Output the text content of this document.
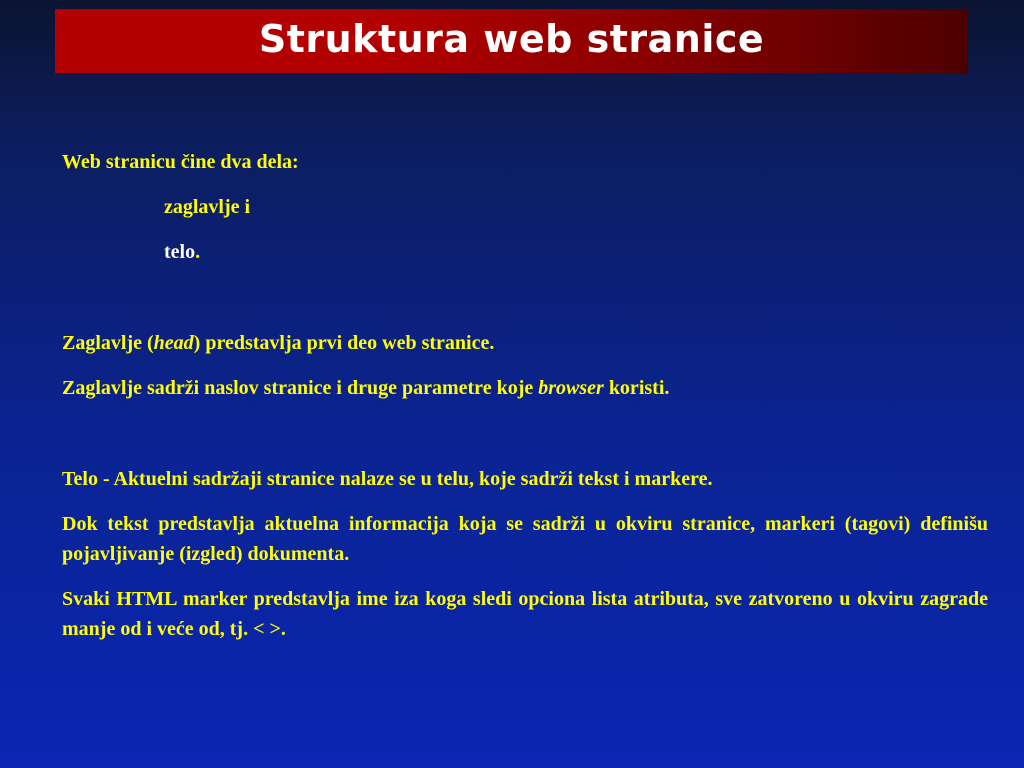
Struktura web stranice

Web stranicu čine dva dela:

zaglavlje i

telo.

Zaglavlje (head) predstavlja prvi deo web stranice.

Zaglavlje sadrži naslov stranice i druge parametre koje browser koristi.

Telo - Aktuelni sadržaji stranice nalaze se u telu, koje sadrži tekst i markere.

Dok tekst predstavlja aktuelna informacija koja se sadrži u okviru stranice, markeri (tagovi) definišu pojavljivanje (izgled) dokumenta.

Svaki HTML marker predstavlja ime iza koga sledi opciona lista atributa, sve zatvoreno u okviru zagrade manje od i veće od, tj. < >.
